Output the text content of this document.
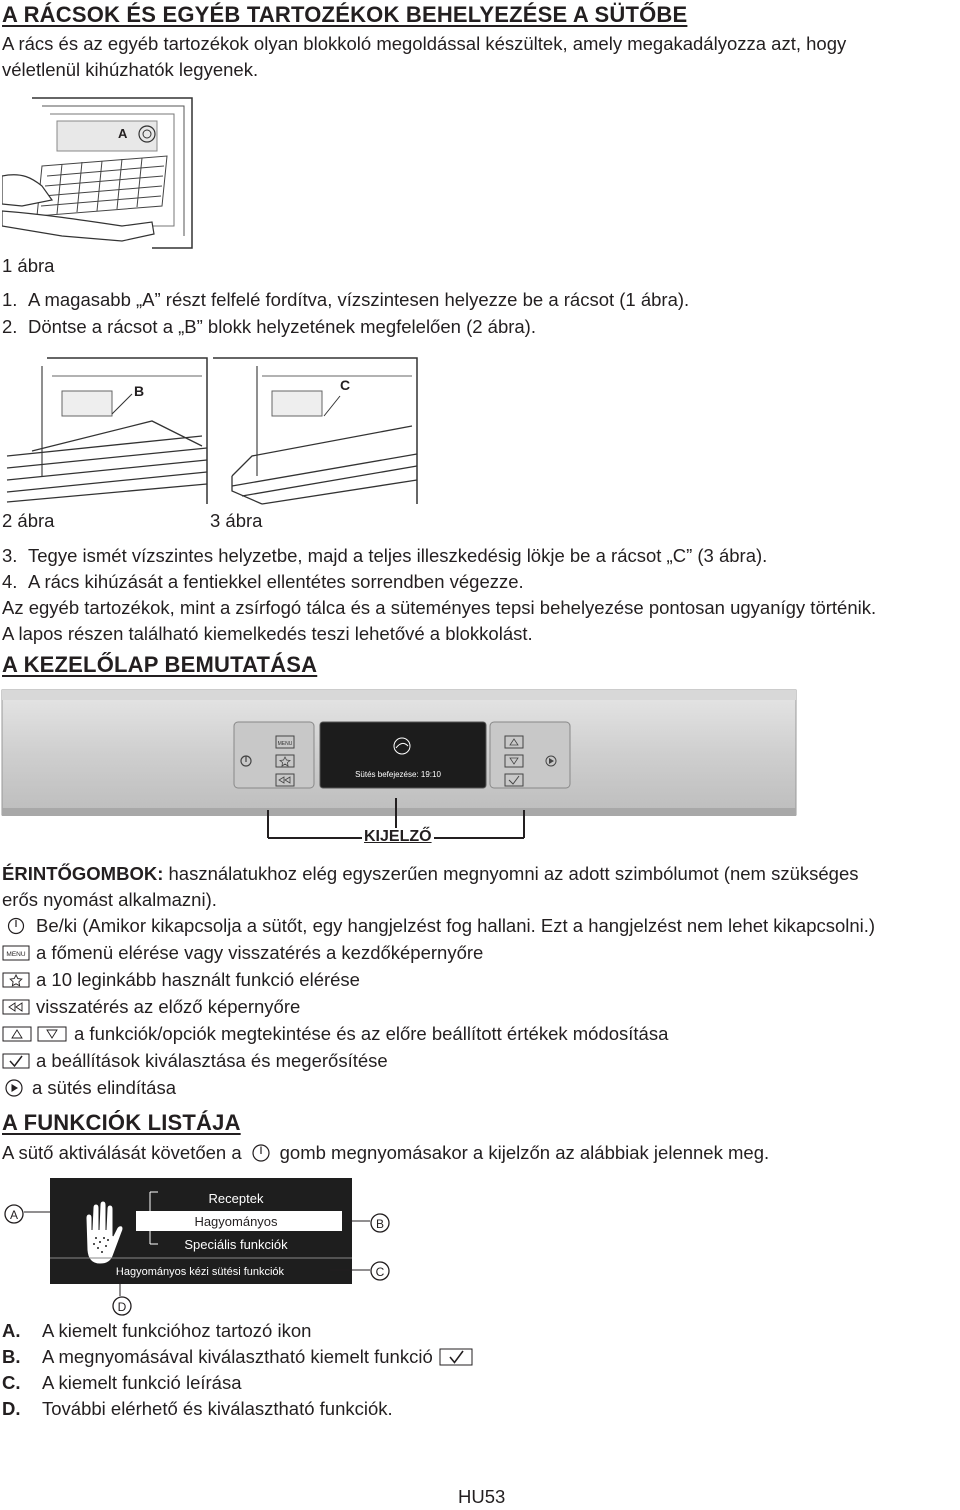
A RÁCSOK ÉS EGYÉB TARTOZÉKOK BEHELYEZÉSE A SÜTŐBE
A rács és az egyéb tartozékok olyan blokkoló megoldással készültek, amely megakadályozza azt, hogy
véletlenül kihúzhatók legyenek.
A
1 ábra
1. A magasabb „A” részt felfelé fordítva, vízszintesen helyezze be a rácsot (1 ábra).
2. Döntse a rácsot a „B” blokk helyzetének megfelelően (2 ábra).
B	C
2 ábra	3 ábra
3. Tegye ismét vízszintes helyzetbe, majd a teljes illeszkedésig lökje be a rácsot „C” (3 ábra).
4. A rács kihúzását a fentiekkel ellentétes sorrendben végezze.
Az egyéb tartozékok, mint a zsírfogó tálca és a süteményes tepsi behelyezése pontosan ugyanígy történik.
A lapos részen található kiemelkedés teszi lehetővé a blokkolást.
A KEZELŐLAP BEMUTATÁSA
MENU
Sütés befejezése: 19:10
KIJELZŐ
ÉRINTŐGOMBOK: használatukhoz elég egyszerűen megnyomni az adott szimbólumot (nem szükséges
erős nyomást alkalmazni).
Be/ki (Amikor kikapcsolja a sütőt, egy hangjelzést fog hallani. Ezt a hangjelzést nem lehet kikapcsolni.)
MENU a főmenü elérése vagy visszatérés a kezdőképernyőre
a 10 leginkább használt funkció elérése
visszatérés az előző képernyőre
a funkciók/opciók megtekintése és az előre beállított értékek módosítása
a beállítások kiválasztása és megerősítése
a sütés elindítása
A FUNKCIÓK LISTÁJA
A sütő aktiválását követően a gomb megnyomásakor a kijelzőn az alábbiak jelennek meg.
Receptek
Hagyományos
Speciális funkciók
Hagyományos kézi sütési funkciók
A
B
C
D
A. A kiemelt funkcióhoz tartozó ikon
B.	A megnyomásával kiválasztható kiemelt funkció
C. A kiemelt funkció leírása
D. További elérhető és kiválasztható funkciók.
HU53
